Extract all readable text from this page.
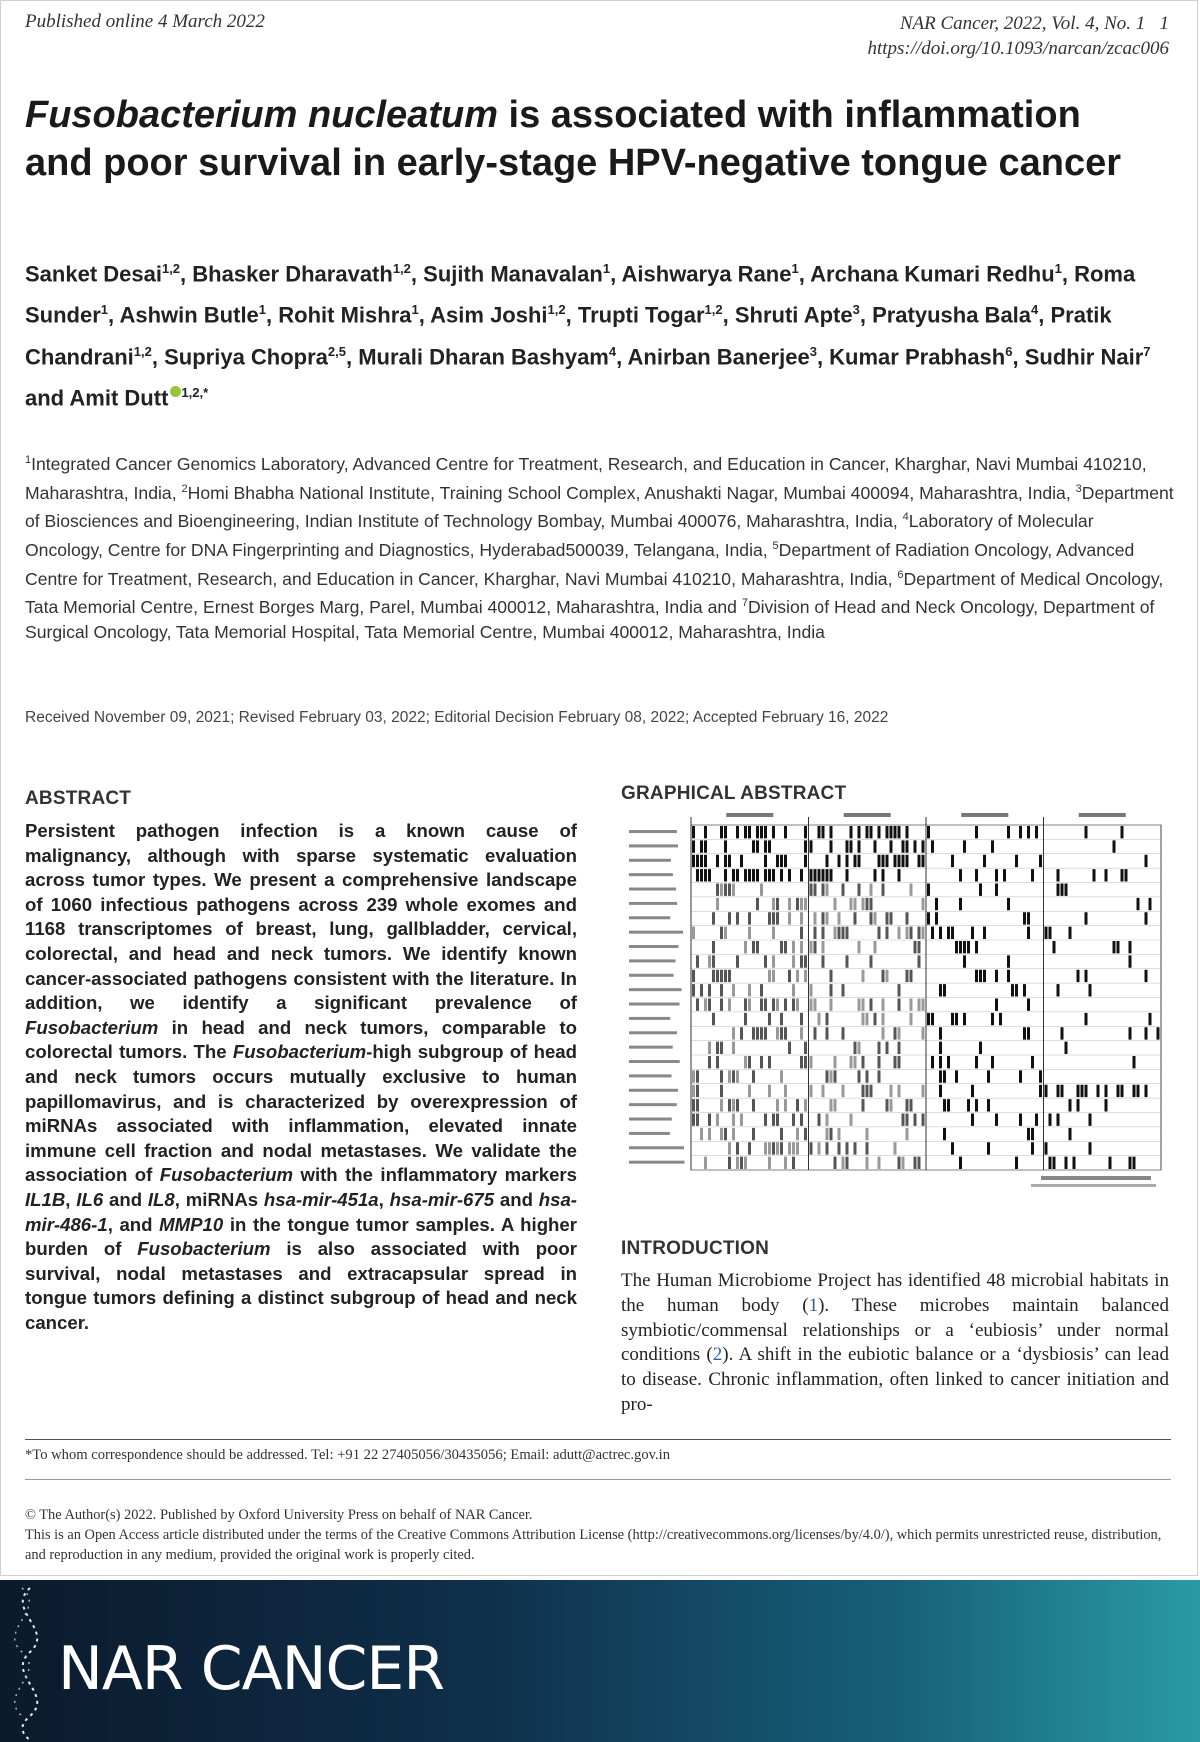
Published online 4 March 2022	NAR Cancer, 2022, Vol. 4, No. 1 1
https://doi.org/10.1093/narcan/zcac006
Fusobacterium nucleatum is associated with inflammation and poor survival in early-stage HPV-negative tongue cancer
Sanket Desai$^{1,2}$, Bhasker Dharavath$^{1,2}$, Sujith Manavalan$^1$, Aishwarya Rane$^1$, Archana Kumari Redhu$^1$, Roma Sunder$^1$, Ashwin Butle$^1$, Rohit Mishra$^1$, Asim Joshi$^{1,2}$, Trupti Togar$^{1,2}$, Shruti Apte$^3$, Pratyusha Bala$^4$, Pratik Chandrani$^{1,2}$, Supriya Chopra$^{2,5}$, Murali Dharan Bashyam$^4$, Anirban Banerjee$^3$, Kumar Prabhash$^6$, Sudhir Nair$^7$ and Amit Dutt $^{1,2,*}$
$^1$Integrated Cancer Genomics Laboratory, Advanced Centre for Treatment, Research, and Education in Cancer, Kharghar, Navi Mumbai 410210, Maharashtra, India, $^2$Homi Bhabha National Institute, Training School Complex, Anushakti Nagar, Mumbai 400094, Maharashtra, India, $^3$Department of Biosciences and Bioengineering, Indian Institute of Technology Bombay, Mumbai 400076, Maharashtra, India, $^4$Laboratory of Molecular Oncology, Centre for DNA Fingerprinting and Diagnostics, Hyderabad500039, Telangana, India, $^5$Department of Radiation Oncology, Advanced Centre for Treatment, Research, and Education in Cancer, Kharghar, Navi Mumbai 410210, Maharashtra, India, $^6$Department of Medical Oncology, Tata Memorial Centre, Ernest Borges Marg, Parel, Mumbai 400012, Maharashtra, India and $^7$Division of Head and Neck Oncology, Department of Surgical Oncology, Tata Memorial Hospital, Tata Memorial Centre, Mumbai 400012, Maharashtra, India
Received November 09, 2021; Revised February 03, 2022; Editorial Decision February 08, 2022; Accepted February 16, 2022
ABSTRACT
Persistent pathogen infection is a known cause of malignancy, although with sparse systematic evaluation across tumor types. We present a comprehensive landscape of 1060 infectious pathogens across 239 whole exomes and 1168 transcriptomes of breast, lung, gallbladder, cervical, colorectal, and head and neck tumors. We identify known cancer-associated pathogens consistent with the literature. In addition, we identify a significant prevalence of Fusobacterium in head and neck tumors, comparable to colorectal tumors. The Fusobacterium-high subgroup of head and neck tumors occurs mutually exclusive to human papillomavirus, and is characterized by overexpression of miRNAs associated with inflammation, elevated innate immune cell fraction and nodal metastases. We validate the association of Fusobacterium with the inflammatory markers IL1B, IL6 and IL8, miRNAs hsa-mir-451a, hsa-mir-675 and hsa-mir-486-1, and MMP10 in the tongue tumor samples. A higher burden of Fusobacterium is also associated with poor survival, nodal metastases and extracapsular spread in tongue tumors defining a distinct subgroup of head and neck cancer.
GRAPHICAL ABSTRACT
INTRODUCTION
The Human Microbiome Project has identified 48 microbial habitats in the human body (1). These microbes maintain balanced symbiotic/commensal relationships or a ‘eubiosis’ under normal conditions (2). A shift in the eubiotic balance or a ‘dysbiosis’ can lead to disease. Chronic inflammation, often linked to cancer initiation and pro-
*To whom correspondence should be addressed. Tel: +91 22 27405056/30435056; Email: adutt@actrec.gov.in
© The Author(s) 2022. Published by Oxford University Press on behalf of NAR Cancer.
This is an Open Access article distributed under the terms of the Creative Commons Attribution License (http://creativecommons.org/licenses/by/4.0/), which permits unrestricted reuse, distribution, and reproduction in any medium, provided the original work is properly cited.
NAR CANCER
